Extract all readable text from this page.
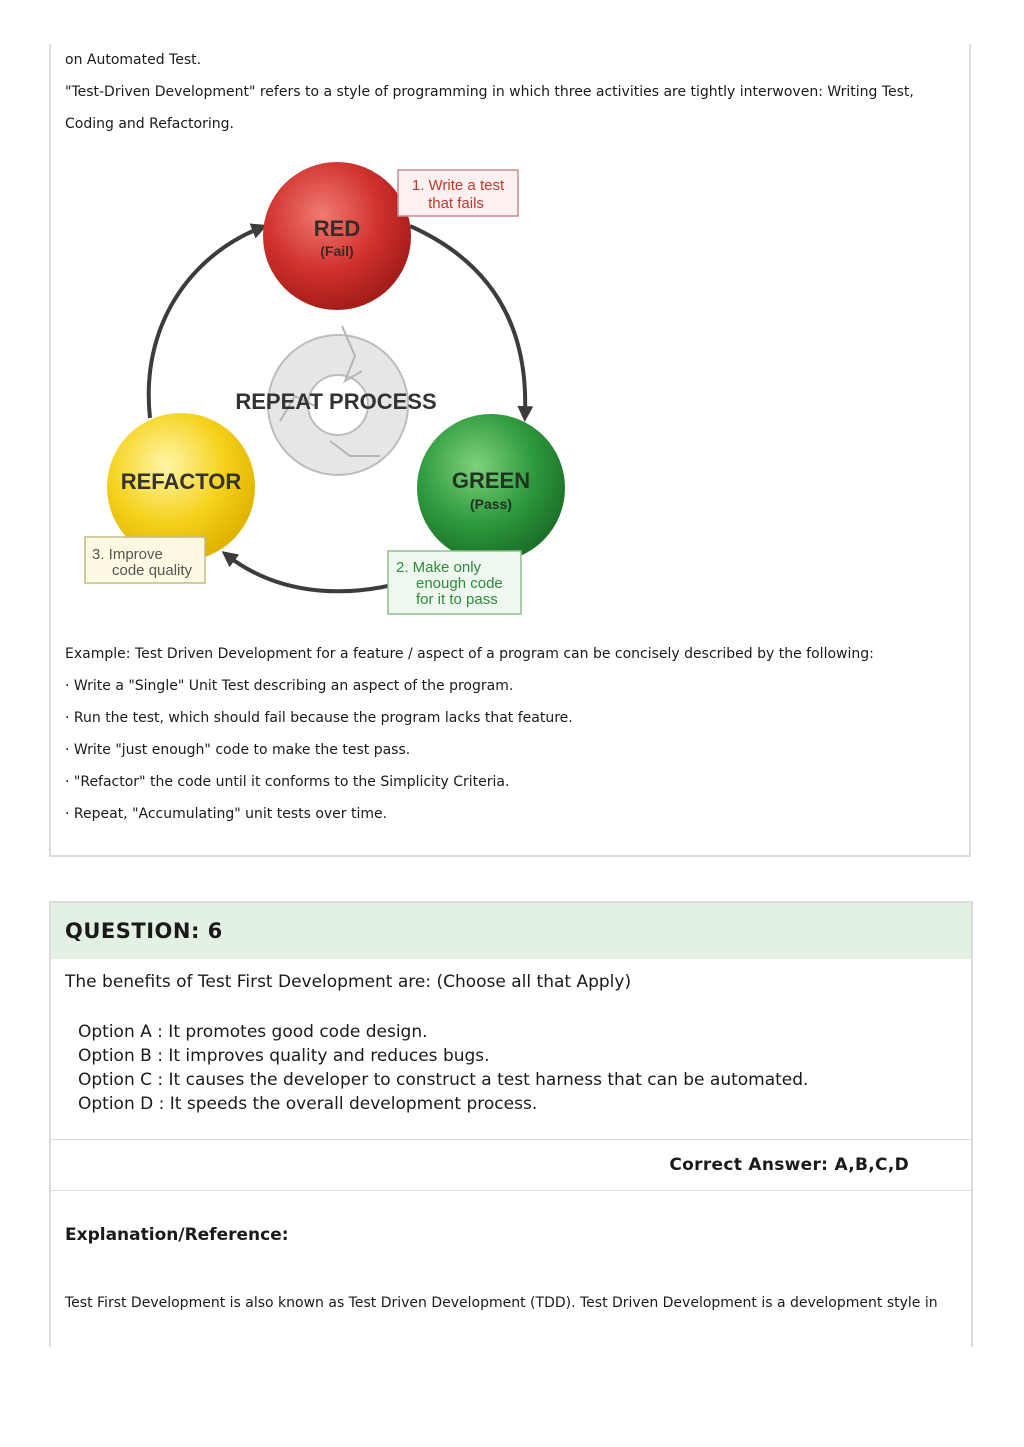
on Automated Test.

"Test-Driven Development" refers to a style of programming in which three activities are tightly interwoven: Writing Test,

Coding and Refactoring.

REPEAT PROCESS
RED
(Fail)
GREEN
(Pass)
REFACTOR
1. Write a test
that fails
2. Make only
enough code
for it to pass
3. Improve
code quality

Example: Test Driven Development for a feature / aspect of a program can be concisely described by the following:

· Write a "Single" Unit Test describing an aspect of the program.

· Run the test, which should fail because the program lacks that feature.

· Write "just enough" code to make the test pass.

· "Refactor" the code until it conforms to the Simplicity Criteria.

· Repeat, "Accumulating" unit tests over time.

QUESTION: 6

The benefits of Test First Development are: (Choose all that Apply)

Option A : It promotes good code design.
Option B : It improves quality and reduces bugs.
Option C : It causes the developer to construct a test harness that can be automated.
Option D : It speeds the overall development process.

Correct Answer: A,B,C,D

Explanation/Reference:

Test First Development is also known as Test Driven Development (TDD). Test Driven Development is a development style in
